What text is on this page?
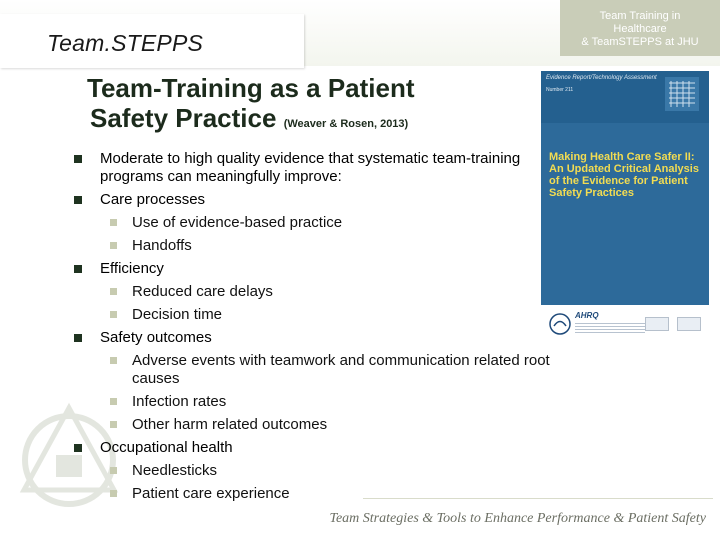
Team Training in
Healthcare
& TeamSTEPPS at JHU
Team.STEPPS
Team-Training as a Patient
Safety Practice (Weaver & Rosen, 2013)
Moderate to high quality evidence that systematic team-training programs can meaningfully improve:
Care processes
Use of evidence-based practice
Handoffs
Efficiency
Reduced care delays
Decision time
Safety outcomes
Adverse events with teamwork and communication related root causes
Infection rates
Other harm related outcomes
Occupational health
Needlesticks
Patient care experience
Evidence Report/Technology Assessment
Number 211
Making Health Care Safer II: An Updated Critical Analysis of the Evidence for Patient Safety Practices
AHRQ
Team Strategies & Tools to Enhance Performance & Patient Safety
